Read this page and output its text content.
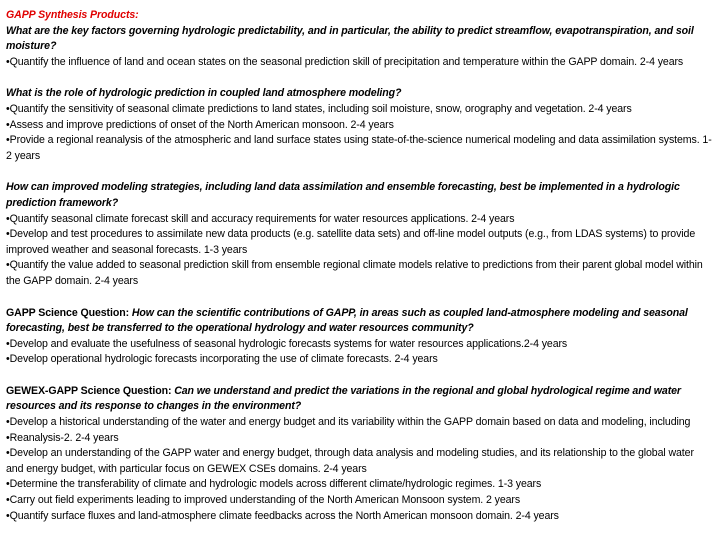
GAPP Synthesis Products:

What are the key factors governing hydrologic predictability, and in particular, the ability to predict streamflow, evapotranspiration, and soil moisture?

•Quantify the influence of land and ocean states on the seasonal prediction skill of precipitation and temperature within the GAPP domain. 2-4 years

What is the role of hydrologic prediction in coupled land atmosphere modeling?

•Quantify the sensitivity of seasonal climate predictions to land states, including soil moisture, snow, orography and vegetation. 2-4 years

•Assess and improve predictions of onset of the North American monsoon. 2-4 years

•Provide a regional reanalysis of the atmospheric and land surface states using state-of-the-science numerical modeling and data assimilation systems. 1-2 years

How can improved modeling strategies, including land data assimilation and ensemble forecasting, best be implemented in a hydrologic prediction framework?

•Quantify seasonal climate forecast skill and accuracy requirements for water resources applications. 2-4 years

•Develop and test procedures to assimilate new data products (e.g. satellite data sets) and off-line model outputs (e.g., from LDAS systems) to provide improved weather and seasonal forecasts. 1-3 years

•Quantify the value added to seasonal prediction skill from ensemble regional climate models relative to predictions from their parent global model within the GAPP domain. 2-4 years

GAPP Science Question: How can the scientific contributions of GAPP, in areas such as coupled land-atmosphere modeling and seasonal forecasting, best be transferred to the operational hydrology and water resources community?

•Develop and evaluate the usefulness of seasonal hydrologic forecasts systems for water resources applications.2-4 years

•Develop operational hydrologic forecasts incorporating the use of climate forecasts. 2-4 years

GEWEX-GAPP Science Question: Can we understand and predict the variations in the regional and global hydrological regime and water resources and its response to changes in the environment?

•Develop a historical understanding of the water and energy budget and its variability within the GAPP domain based on data and modeling, including

•Reanalysis-2. 2-4 years

•Develop an understanding of the GAPP water and energy budget, through data analysis and modeling studies, and its relationship to the global water and energy budget, with particular focus on GEWEX CSEs domains. 2-4 years

•Determine the transferability of climate and hydrologic models across different climate/hydrologic regimes. 1-3 years

•Carry out field experiments leading to improved understanding of the North American Monsoon system. 2 years

•Quantify surface fluxes and land-atmosphere climate feedbacks across the North American monsoon domain. 2-4 years
